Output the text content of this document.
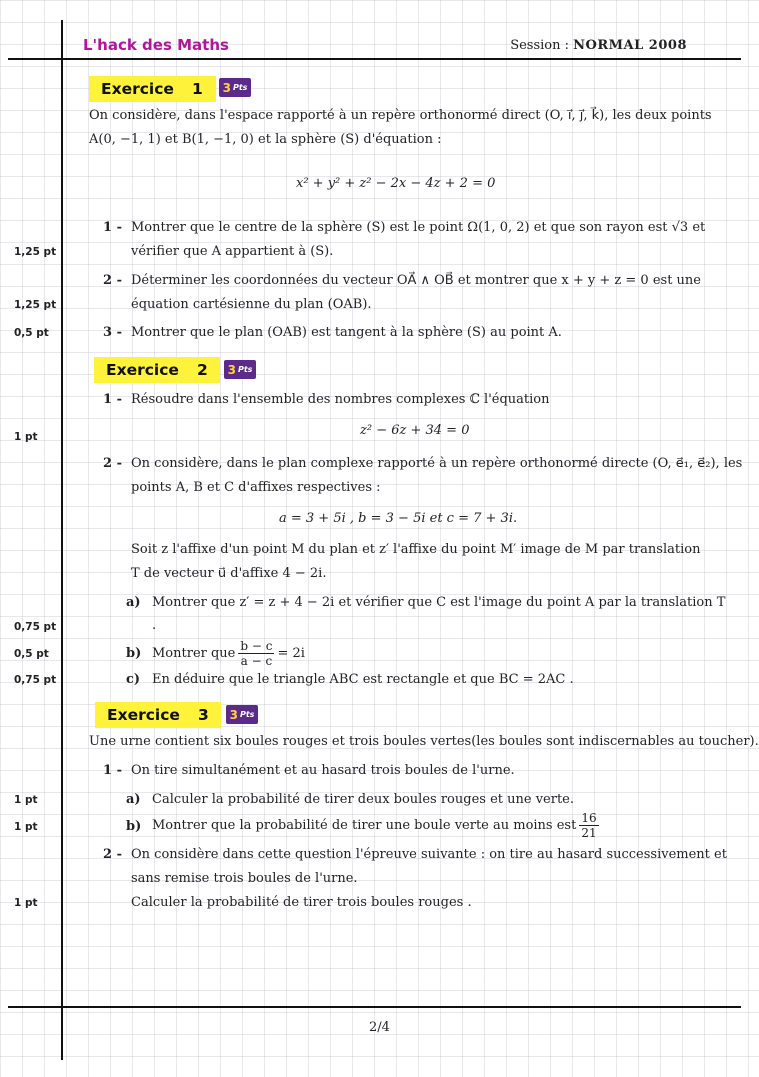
L'hack des Maths	Session : NORMAL 2008
Exercice 1 3 Pts
On considère, dans l'espace rapporté à un repère orthonormé direct (O, i⃗, j⃗, k⃗), les deux points
A(0, −1, 1) et B(1, −1, 0) et la sphère (S) d'équation :
x² + y² + z² − 2x − 4z + 2 = 0
1 - Montrer que le centre de la sphère (S) est le point Ω(1, 0, 2) et que son rayon est √3 et
vérifier que A appartient à (S).
1,25 pt
2 - Déterminer les coordonnées du vecteur OA⃗ ∧ OB⃗ et montrer que x + y + z = 0 est une
équation cartésienne du plan (OAB).
1,25 pt
3 - Montrer que le plan (OAB) est tangent à la sphère (S) au point A.
0,5 pt
Exercice 2 3 Pts
1 - Résoudre dans l'ensemble des nombres complexes ℂ l'équation
z² − 6z + 34 = 0
1 pt
2 - On considère, dans le plan complexe rapporté à un repère orthonormé directe (O, e⃗₁, e⃗₂), les
points A, B et C d'affixes respectives :
a = 3 + 5i , b = 3 − 5i et c = 7 + 3i.
Soit z l'affixe d'un point M du plan et z′ l'affixe du point M′ image de M par translation
T de vecteur u⃗ d'affixe 4 − 2i.
a) Montrer que z′ = z + 4 − 2i et vérifier que C est l'image du point A par la translation T
.
0,75 pt
b) Montrer que $\frac{b - c}{a - c} = 2i$
0,5 pt
c) En déduire que le triangle ABC est rectangle et que BC = 2AC .
0,75 pt
Exercice 3 3 Pts
Une urne contient six boules rouges et trois boules vertes(les boules sont indiscernables au toucher).
1 - On tire simultanément et au hasard trois boules de l'urne.
a) Calculer la probabilité de tirer deux boules rouges et une verte.
1 pt
b) Montrer que la probabilité de tirer une boule verte au moins est $\frac{16}{21}$
1 pt
2 - On considère dans cette question l'épreuve suivante : on tire au hasard successivement et
sans remise trois boules de l'urne.
Calculer la probabilité de tirer trois boules rouges .
1 pt
2/4
